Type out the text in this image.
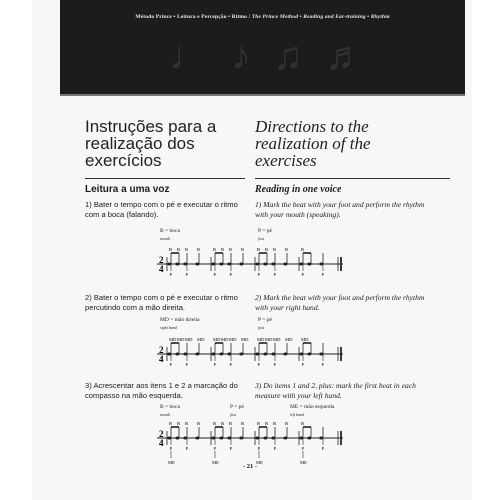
Método Prince • Leitura e Percepção • Ritmo / The Prince Method • Reading and Ear-training • Rhythm
♩ ♪ ♫ ♬
Instruções para a
realização dos
exercícios
Directions to the
realization of the
exercises
Leitura a uma voz	Reading in one voice
1) Bater o tempo com o pé e executar o ritmo com a boca (falando).
1) Mark the beat with your foot and perform the rhythm with your mouth (speaking).
B = boca
$_{mouth}$
P = pé
$_{foot}$
2
4
B B B B	B B B B	B B B B	B
P	P	P	P	P	P	P	P
2) Bater o tempo com o pé e executar o ritmo percutindo com a mão direita.
2) Mark the beat with your foot and perform the rhythm with your right hand.
MD = mão direita
$_{right hand}$
P = pé
$_{foot}$
2
4
MD MD MD MD MD MD MD MD MD MD MD MD MD
P	P	P	P	P	P	P	P
3) Acrescentar aos itens 1 e 2 a marcação do compasso na mão esquerda.
3) Do items 1 and 2, plus: mark the first beat in each measure with your left hand.
B = boca
$_{mouth}$
P = pé
$_{foot}$
ME = mão esquerda
$_{left hand}$
2
4
B B B B	B B B B	B B B B	B
P	P	P	P	P	P	P	P
ME	ME	ME	ME
- 21 -
